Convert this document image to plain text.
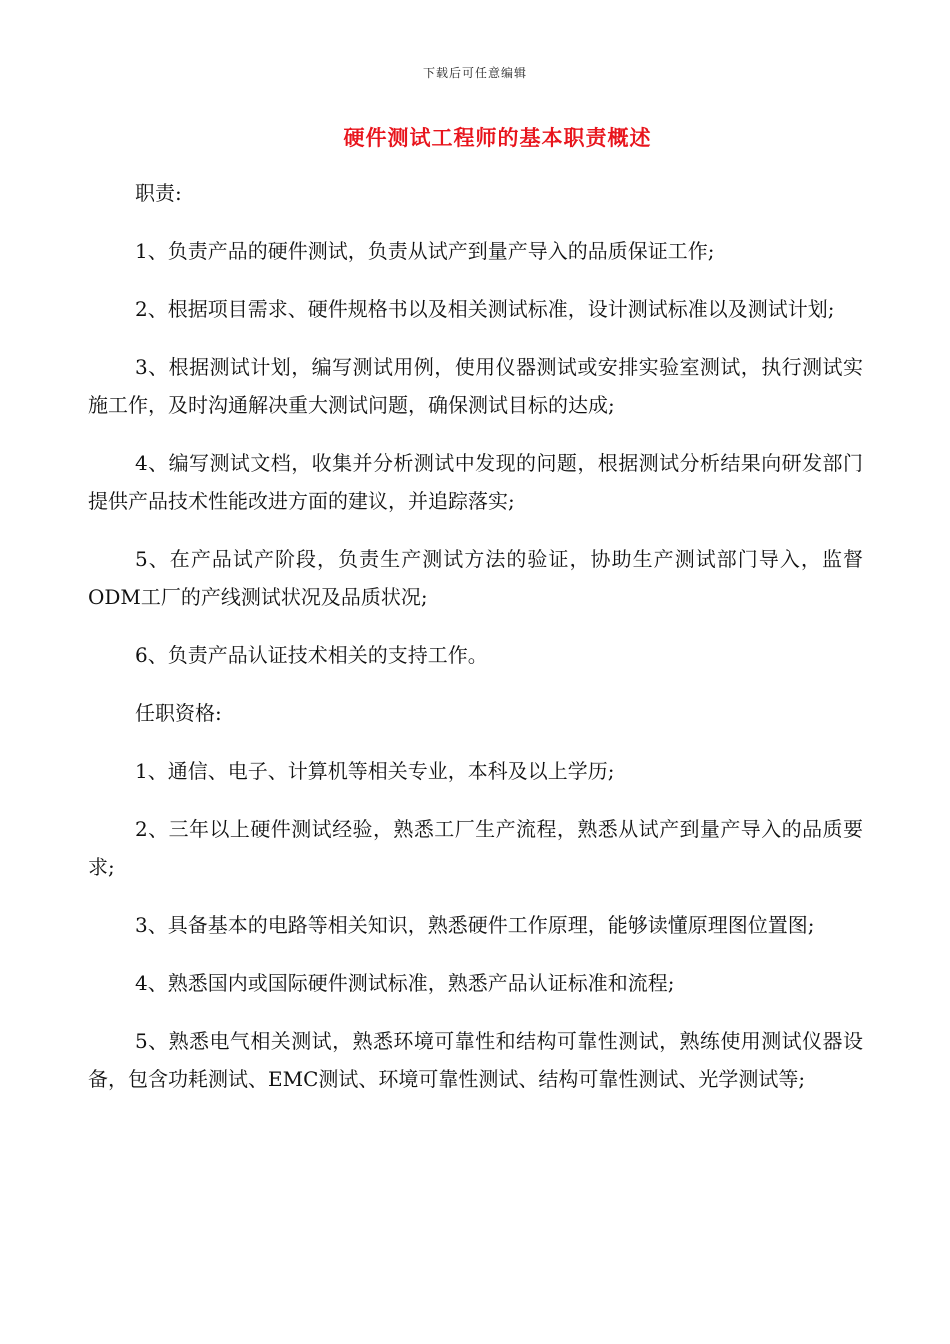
下载后可任意编辑
硬件测试工程师的基本职责概述

职责:

1、负责产品的硬件测试，负责从试产到量产导入的品质保证工作;

2、根据项目需求、硬件规格书以及相关测试标准，设计测试标准以及测试计划;

3、根据测试计划，编写测试用例，使用仪器测试或安排实验室测试，执行测试实施工作，及时沟通解决重大测试问题，确保测试目标的达成;

4、编写测试文档，收集并分析测试中发现的问题，根据测试分析结果向研发部门提供产品技术性能改进方面的建议，并追踪落实;

5、在产品试产阶段，负责生产测试方法的验证，协助生产测试部门导入，监督ODM工厂的产线测试状况及品质状况;

6、负责产品认证技术相关的支持工作。

任职资格:

1、通信、电子、计算机等相关专业，本科及以上学历;

2、三年以上硬件测试经验，熟悉工厂生产流程，熟悉从试产到量产导入的品质要求;

3、具备基本的电路等相关知识，熟悉硬件工作原理，能够读懂原理图位置图;

4、熟悉国内或国际硬件测试标准，熟悉产品认证标准和流程;

5、熟悉电气相关测试，熟悉环境可靠性和结构可靠性测试，熟练使用测试仪器设备，包含功耗测试、EMC测试、环境可靠性测试、结构可靠性测试、光学测试等;
